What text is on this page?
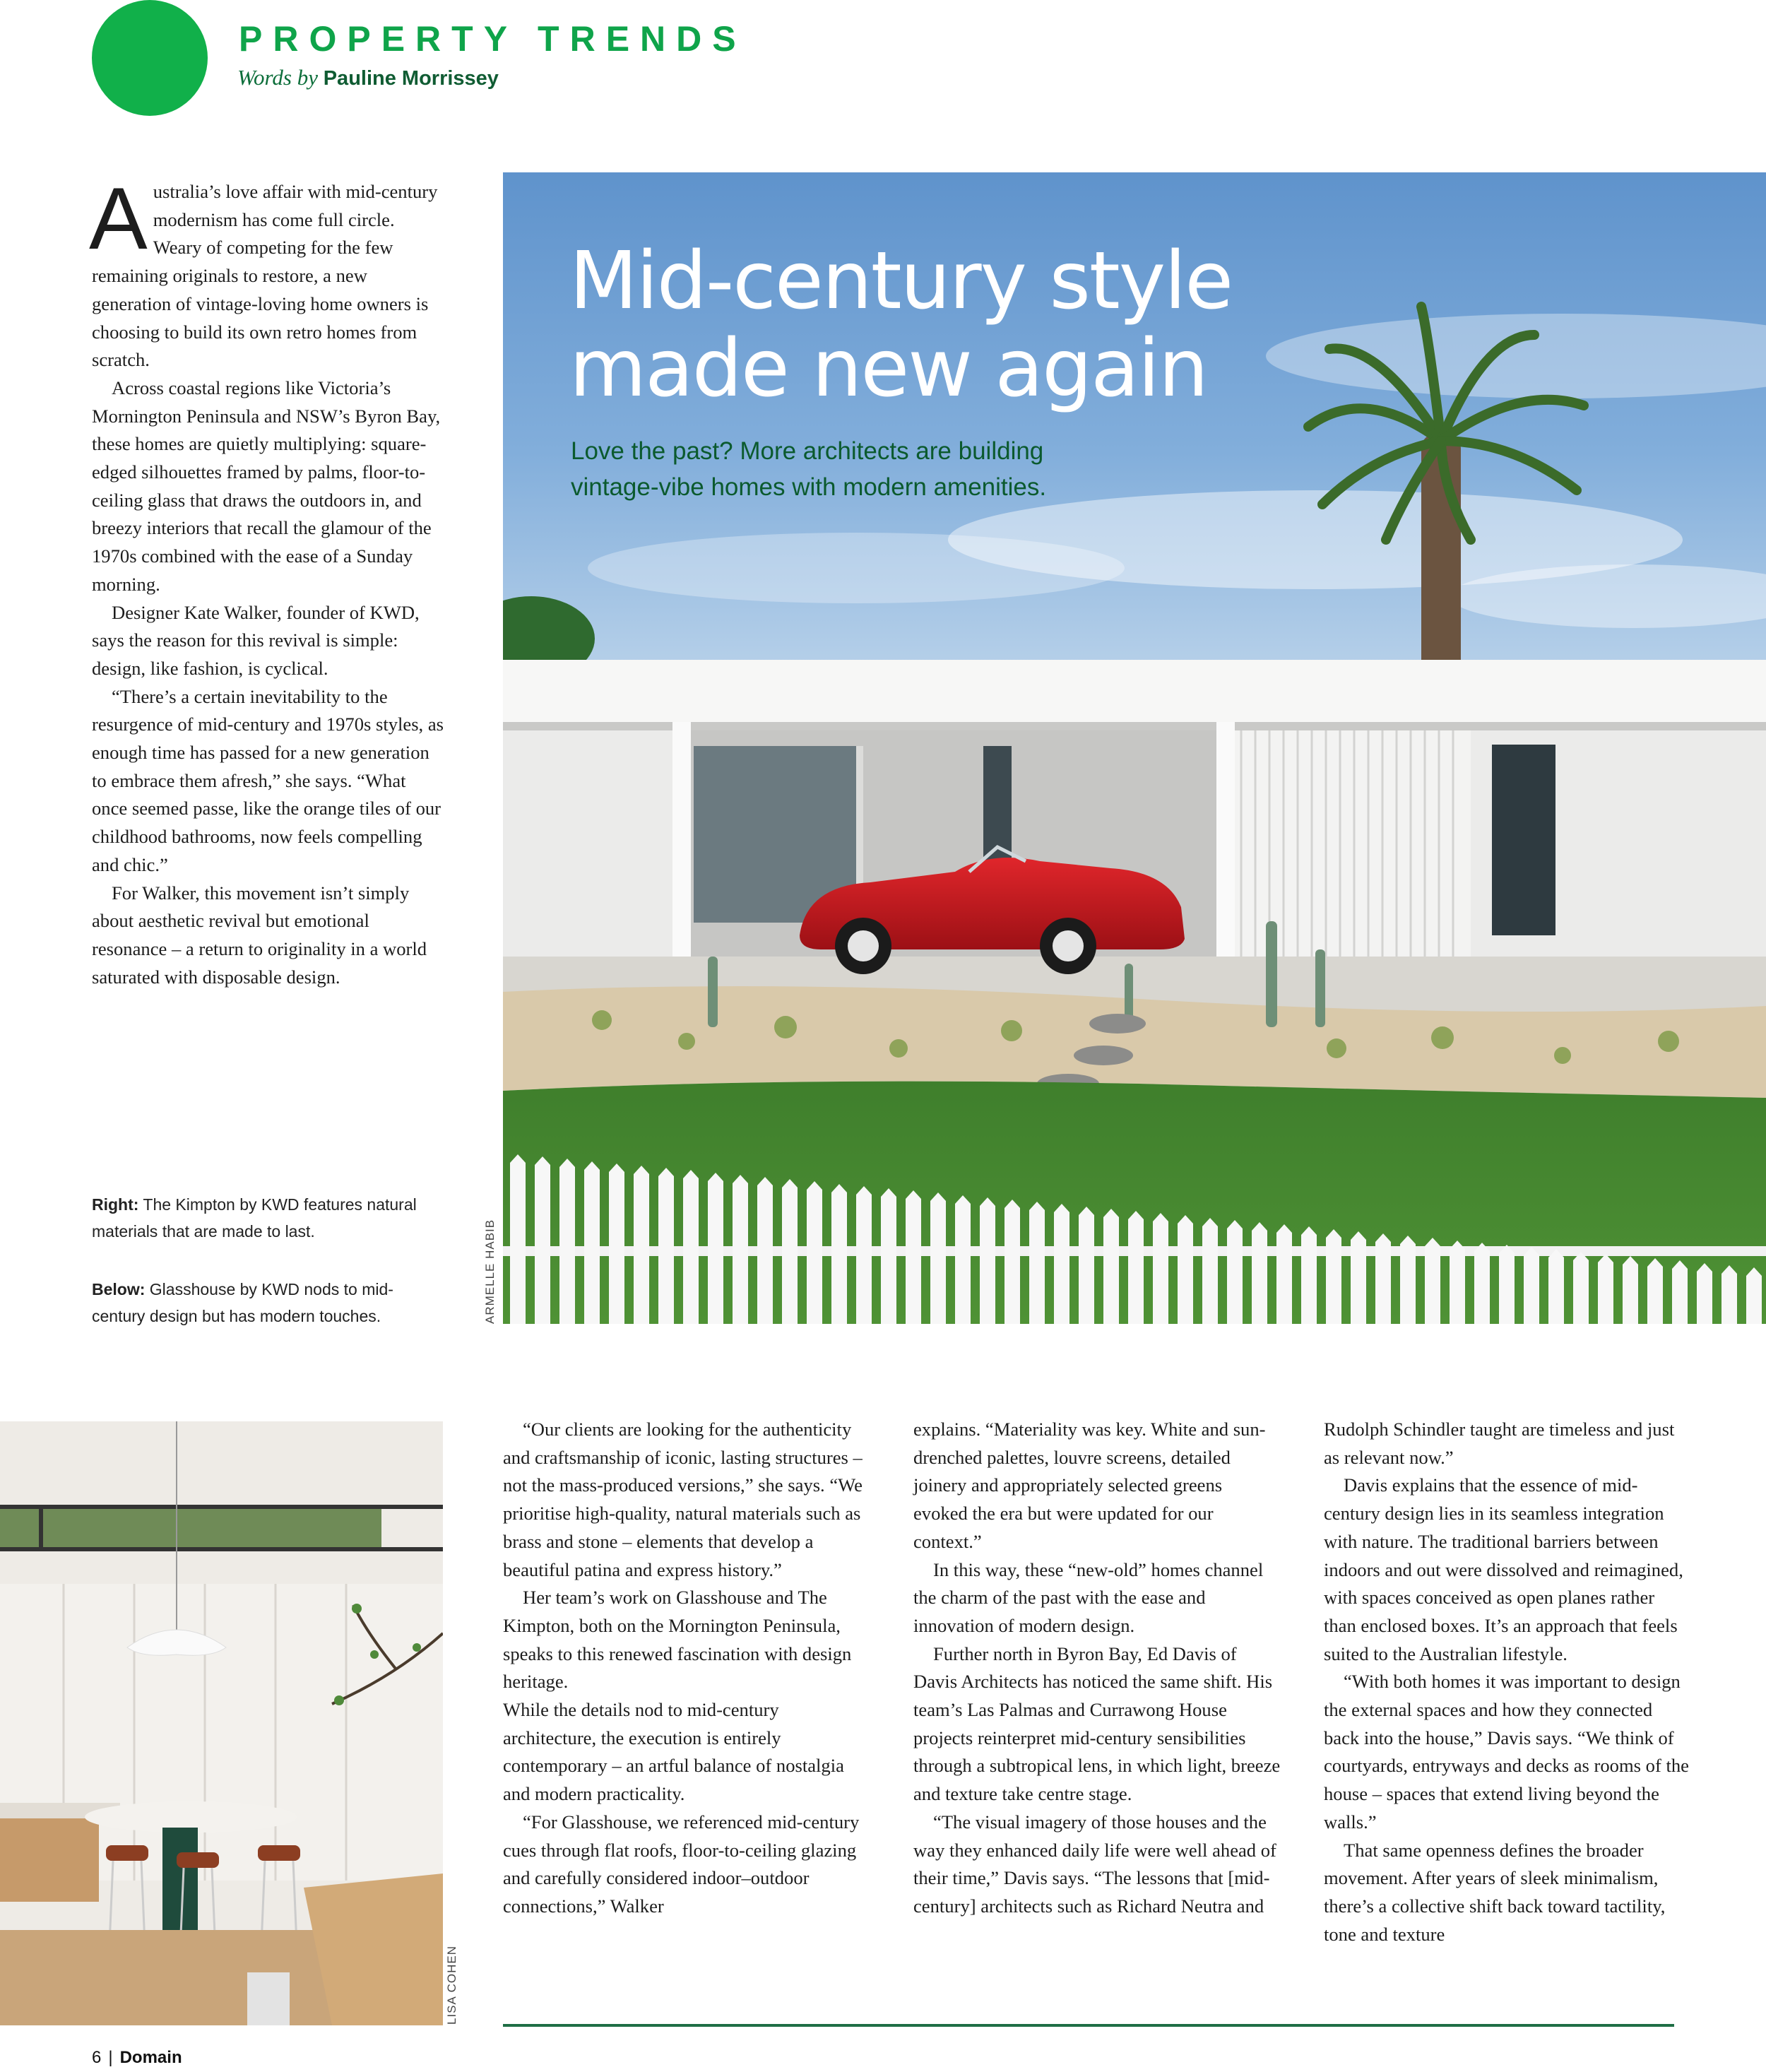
PROPERTY TRENDS
Words by Pauline Morrissey
A ustralia’s love affair with mid-century modernism has come full circle. Weary of competing for the few remaining originals to restore, a new generation of vintage-loving home owners is choosing to build its own retro homes from scratch.

Across coastal regions like Victoria’s Mornington Peninsula and NSW’s Byron Bay, these homes are quietly multiplying: square-edged silhouettes framed by palms, floor-to-ceiling glass that draws the outdoors in, and breezy interiors that recall the glamour of the 1970s combined with the ease of a Sunday morning.

Designer Kate Walker, founder of KWD, says the reason for this revival is simple: design, like fashion, is cyclical.

“There’s a certain inevitability to the resurgence of mid-century and 1970s styles, as enough time has passed for a new generation to embrace them afresh,” she says. “What once seemed passe, like the orange tiles of our childhood bathrooms, now feels compelling and chic.”

For Walker, this movement isn’t simply about aesthetic revival but emotional resonance – a return to originality in a world saturated with disposable design.

Right: The Kimpton by KWD features natural materials that are made to last.
Below: Glasshouse by KWD nods to mid-century design but has modern touches.	ARMELLE HABIB
Mid-century style
made new again
Love the past? More architects are building
vintage-vibe homes with modern amenities.
LISA COHEN

“Our clients are looking for the authenticity and craftsmanship of iconic, lasting structures – not the mass-produced versions,” she says. “We prioritise high-quality, natural materials such as brass and stone – elements that develop a beautiful patina and express history.”

Her team’s work on Glasshouse and The Kimpton, both on the Mornington Peninsula, speaks to this renewed fascination with design heritage.

While the details nod to mid-century architecture, the execution is entirely contemporary – an artful balance of nostalgia and modern practicality.

“For Glasshouse, we referenced mid-century cues through flat roofs, floor-to-ceiling glazing and carefully considered indoor–outdoor connections,” Walker

explains. “Materiality was key. White and sun-drenched palettes, louvre screens, detailed joinery and appropriately selected greens evoked the era but were updated for our context.”

In this way, these “new-old” homes channel the charm of the past with the ease and innovation of modern design.

Further north in Byron Bay, Ed Davis of Davis Architects has noticed the same shift. His team’s Las Palmas and Currawong House projects reinterpret mid-century sensibilities through a subtropical lens, in which light, breeze and texture take centre stage.

“The visual imagery of those houses and the way they enhanced daily life were well ahead of their time,” Davis says. “The lessons that [mid-century] architects such as Richard Neutra and

Rudolph Schindler taught are timeless and just as relevant now.”

Davis explains that the essence of mid-century design lies in its seamless integration with nature. The traditional barriers between indoors and out were dissolved and reimagined, with spaces conceived as open planes rather than enclosed boxes. It’s an approach that feels suited to the Australian lifestyle.

“With both homes it was important to design the external spaces and how they connected back into the house,” Davis says. “We think of courtyards, entryways and decks as rooms of the house – spaces that extend living beyond the walls.”

That same openness defines the broader movement. After years of sleek minimalism, there’s a collective shift back toward tactility, tone and texture

6 | Domain
